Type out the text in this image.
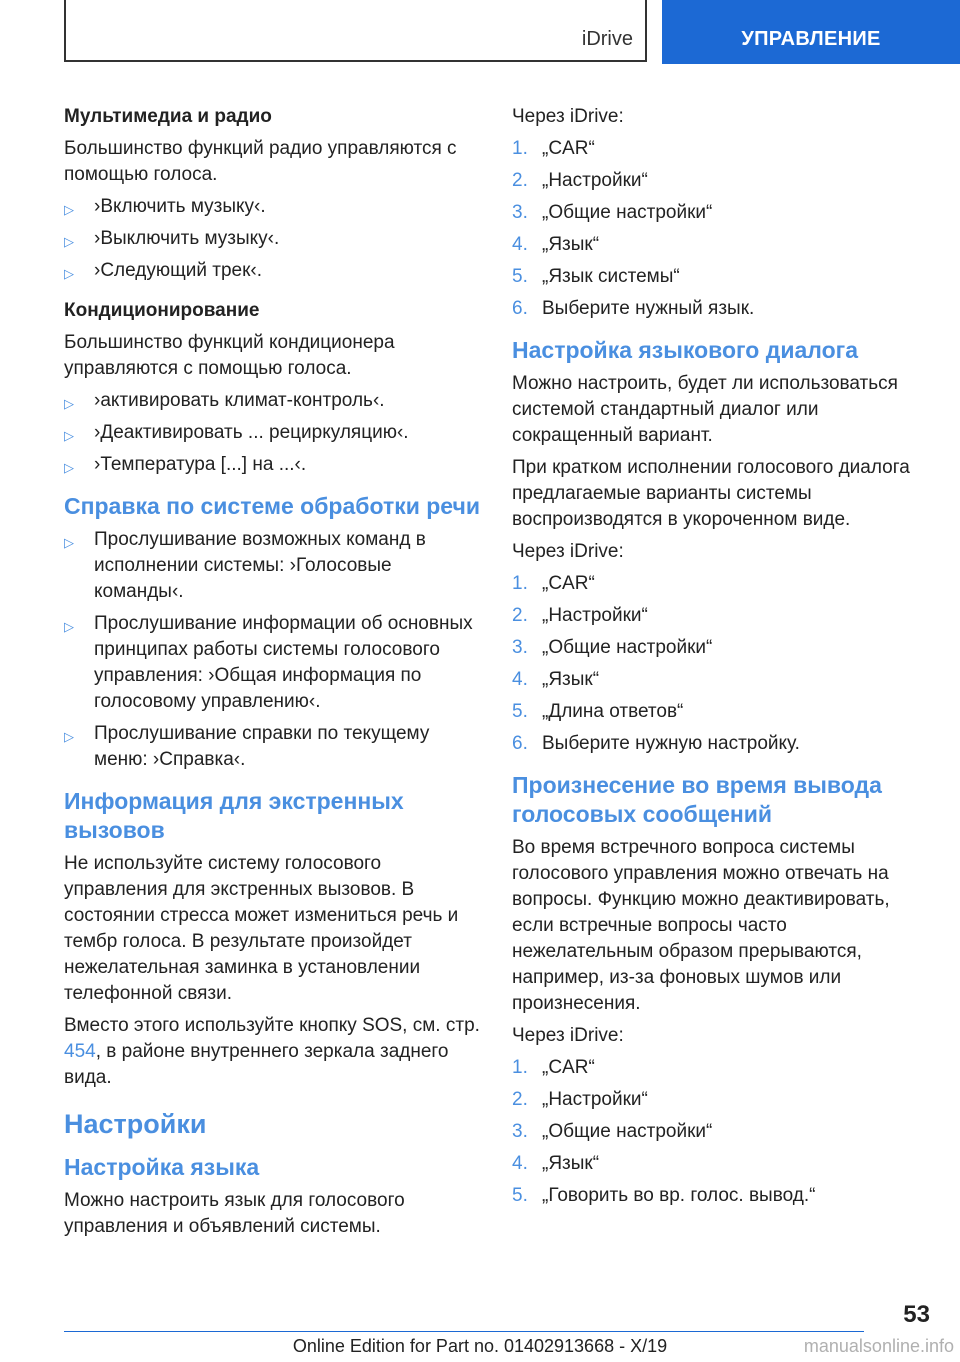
iDrive	УПРАВЛЕНИЕ
Мультимедиа и радио

Большинство функций радио управляются с помощью голоса.

▷ ›Включить музыку‹.
▷ ›Выключить музыку‹.
▷ ›Следующий трек‹.
Кондиционирование

Большинство функций кондиционера управляются с помощью голоса.

▷ ›активировать климат-контроль‹.
▷ ›Деактивировать ... рециркуляцию‹.
▷ ›Температура [...] на ...‹.
Справка по системе обработки речи
▷ Прослушивание возможных команд в исполнении системы: ›Голосовые команды‹.
▷ Прослушивание информации об основных принципах работы системы голосового управления: ›Общая информация по голосовому управлению‹.
▷ Прослушивание справки по текущему меню: ›Справка‹.
Информация для экстренных вызовов

Не используйте систему голосового управления для экстренных вызовов. В состоянии стресса может измениться речь и тембр голоса. В результате произойдет нежелательная заминка в установлении телефонной связи.

Вместо этого используйте кнопку SOS, см. стр. 454, в районе внутреннего зеркала заднего вида.

Настройки
Настройка языка

Можно настроить язык для голосового управления и объявлений системы.

Через iDrive:

1. „CAR“
2. „Настройки“
3. „Общие настройки“
4. „Язык“
5. „Язык системы“
6. Выберите нужный язык.
Настройка языкового диалога

Можно настроить, будет ли использоваться системой стандартный диалог или сокращенный вариант.

При кратком исполнении голосового диалога предлагаемые варианты системы воспроизводятся в укороченном виде.

Через iDrive:

1. „CAR“
2. „Настройки“
3. „Общие настройки“
4. „Язык“
5. „Длина ответов“
6. Выберите нужную настройку.
Произнесение во время вывода голосовых сообщений

Во время встречного вопроса системы голосового управления можно отвечать на вопросы. Функцию можно деактивировать, если встречные вопросы часто нежелательным образом прерываются, например, из-за фоновых шумов или произнесения.

Через iDrive:

1. „CAR“
2. „Настройки“
3. „Общие настройки“
4. „Язык“
5. „Говорить во вр. голос. вывод.“
53
Online Edition for Part no. 01402913668 - X/19	manualsonline.info
